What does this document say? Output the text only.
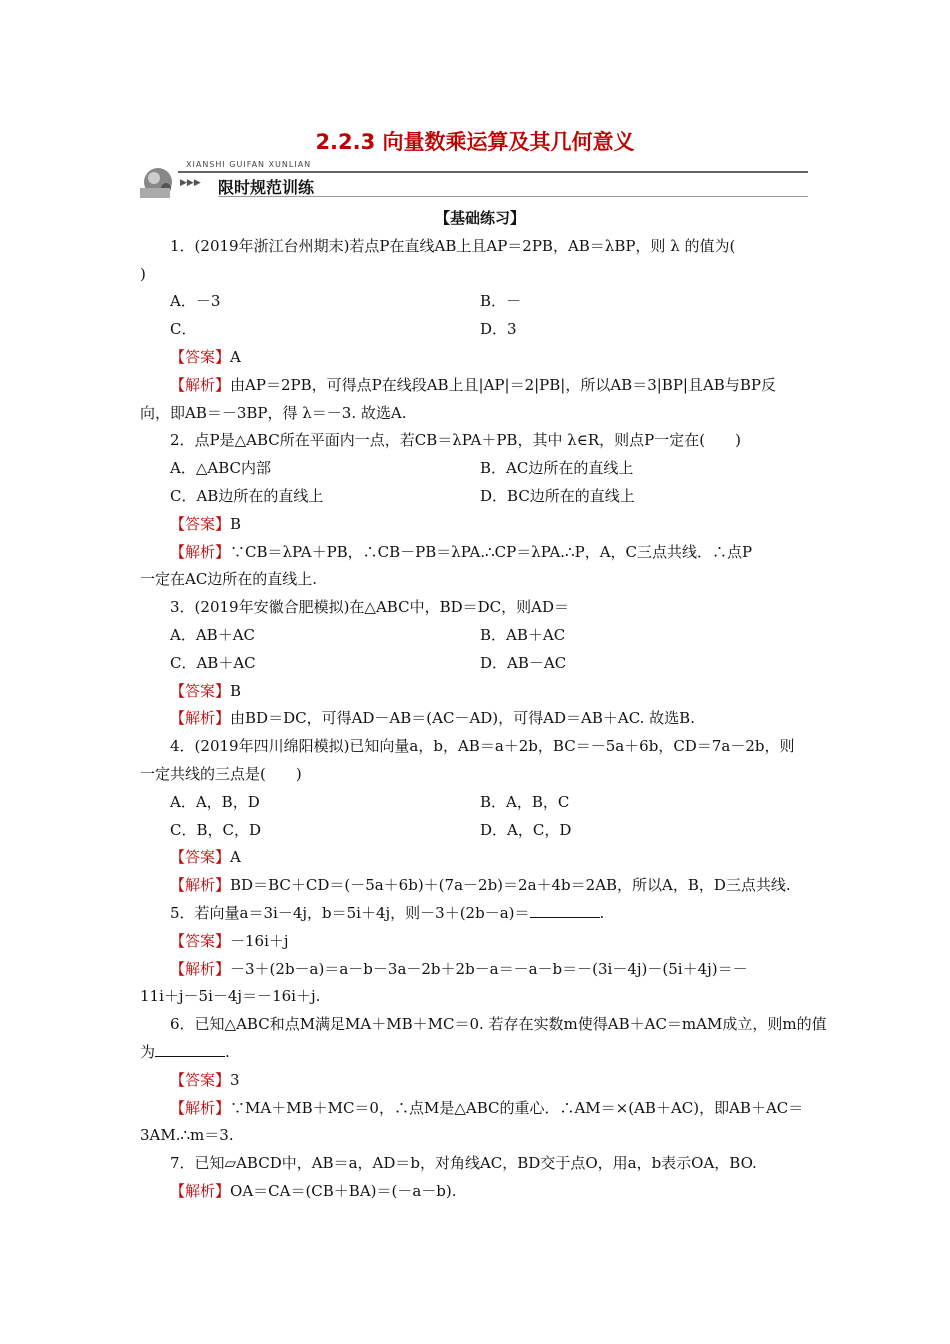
2.2.3 向量数乘运算及其几何意义
XIANSHI GUIFAN XUNLIAN
▶▶▶ 限时规范训练
【基础练习】
1．(2019年浙江台州期末)若点P在直线AB上且AP＝2PB，AB＝λBP，则 λ 的值为(
)
A．－3	B．－
C．	D．3
【答案】A
【解析】由AP＝2PB，可得点P在线段AB上且|AP|＝2|PB|，所以AB＝3|BP|且AB与BP反
向，即AB＝－3BP，得 λ＝－3. 故选A.
2．点P是△ABC所在平面内一点，若CB＝λPA＋PB，其中 λ∈R，则点P一定在(　　)
A．△ABC内部	B．AC边所在的直线上
C．AB边所在的直线上	D．BC边所在的直线上
【答案】B
【解析】∵CB＝λPA＋PB，∴CB－PB＝λPA.∴CP＝λPA.∴P，A，C三点共线．∴点P
一定在AC边所在的直线上.
3．(2019年安徽合肥模拟)在△ABC中，BD＝DC，则AD＝
A．AB＋AC	B．AB＋AC
C．AB＋AC	D．AB－AC
【答案】B
【解析】由BD＝DC，可得AD－AB＝(AC－AD)，可得AD＝AB＋AC. 故选B.
4．(2019年四川绵阳模拟)已知向量a，b，AB＝a＋2b，BC＝－5a＋6b，CD＝7a－2b，则
一定共线的三点是(　　)
A．A，B，D	B．A，B，C
C．B，C，D	D．A，C，D
【答案】A
【解析】BD＝BC＋CD＝(－5a＋6b)＋(7a－2b)＝2a＋4b＝2AB，所以A，B，D三点共线.
5．若向量a＝3i－4j，b＝5i＋4j，则－3＋(2b－a)＝	.
【答案】－16i＋j
【解析】－3＋(2b－a)＝a－b－3a－2b＋2b－a＝－a－b＝－(3i－4j)－(5i＋4j)＝－
11i＋j－5i－4j＝－16i＋j.
6．已知△ABC和点M满足MA＋MB＋MC＝0. 若存在实数m使得AB＋AC＝mAM成立，则m的值
为	.
【答案】3
【解析】∵MA＋MB＋MC＝0，∴点M是△ABC的重心．∴AM＝×(AB＋AC)，即AB＋AC＝
3AM.∴m＝3.
7．已知▱ABCD中，AB＝a，AD＝b，对角线AC，BD交于点O，用a，b表示OA，BO.
【解析】OA＝CA＝(CB＋BA)＝(－a－b).
